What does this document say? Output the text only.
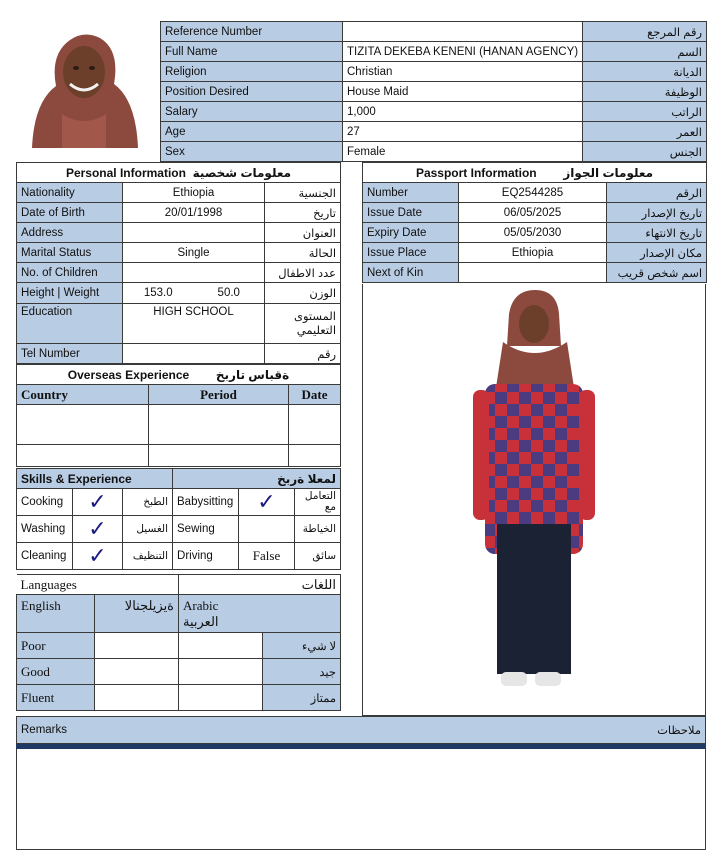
Reference Number		رقم المرجع
Full Name	TIZITA DEKEBA KENENI (HANAN AGENCY)	السم
Religion	Christian	الديانة
Position Desired	House Maid	الوظيفة
Salary	1,000	الراتب
Age	27	العمر
Sex	Female	الجنس
Personal Information معلومات شخصية		
Nationality	Ethiopia	الجنسية
Date of Birth	20/01/1998	تاريخ
Address		العنوان
Marital Status	Single	الحالة
No. of Children		عدد الاطفال
Height | Weight	153.0 50.0	الوزن
Education	HIGH SCHOOL	المستوى التعليمي
Tel Number		رقم
Passport Information معلومات الجواز		
Number	EQ2544285	الرقم
Issue Date	06/05/2025	تاريخ الإصدار
Expiry Date	05/05/2030	تاريخ الانتهاء
Issue Place	Ethiopia	مكان الإصدار
Next of Kin		اسم شخص قريب
Overseas Experience ةقباس تاربخ		
Country	Period	Date

Skills & Experience			لمعلا ةربخ		
Cooking	✓	الطبخ	Babysitting	✓	التعامل مع
Washing	✓	الغسيل	Sewing		الخياطة
Cleaning	✓	التنظيف	Driving	False	سائق
Languages		اللغات	
English	ةيزيلجنالا	Arabic
العربية	
Poor			لا شيء
Good			جيد
Fluent			ممتاز
Remarks	ملاحظات
